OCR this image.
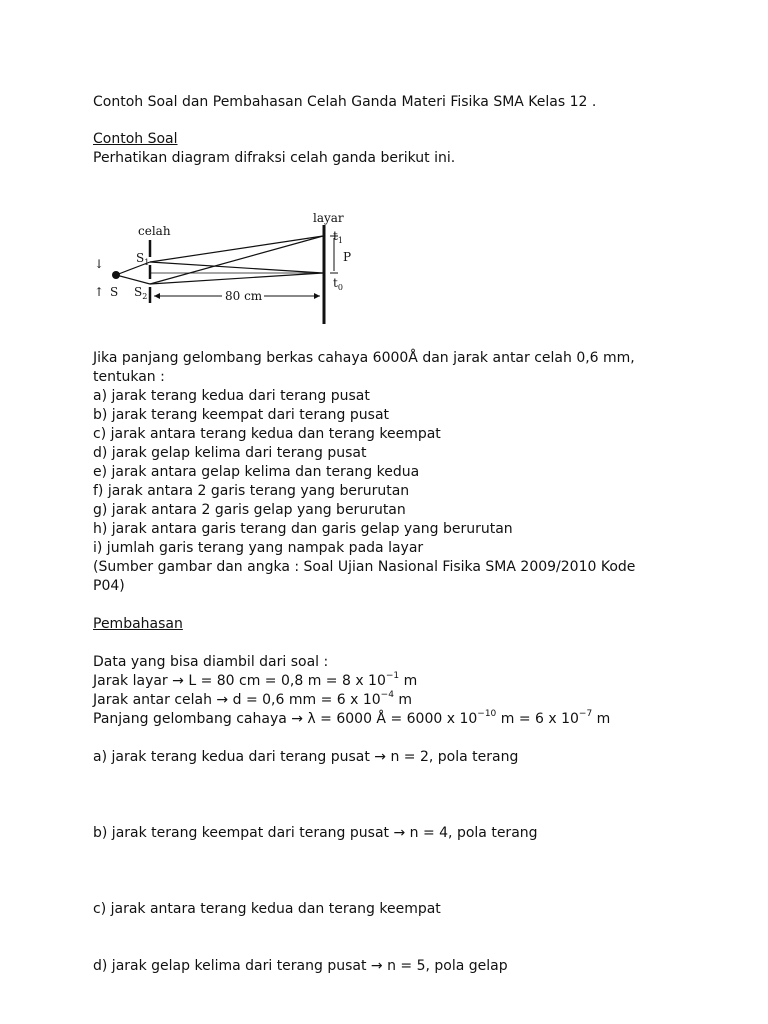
Contoh Soal dan Pembahasan Celah Ganda Materi Fisika SMA Kelas 12 .
Contoh Soal
Perhatikan diagram difraksi celah ganda berikut ini.
layar
celah	$t_1$
$t_0$
P
$S_1$
$S_2$
S	80 cm
↓
↑
Jika panjang gelombang berkas cahaya 6000Å dan jarak antar celah 0,6 mm,
tentukan :
a) jarak terang kedua dari terang pusat
b) jarak terang keempat dari terang pusat
c) jarak antara terang kedua dan terang keempat
d) jarak gelap kelima dari terang pusat
e) jarak antara gelap kelima dan terang kedua
f) jarak antara 2 garis terang yang berurutan
g) jarak antara 2 garis gelap yang berurutan
h) jarak antara garis terang dan garis gelap yang berurutan
i) jumlah garis terang yang nampak pada layar
(Sumber gambar dan angka : Soal Ujian Nasional Fisika SMA 2009/2010 Kode
P04)
Pembahasan
Data yang bisa diambil dari soal :
Jarak layar → L = 80 cm = 0,8 m = 8 x $10^{-1}$ m
Jarak antar celah → d = 0,6 mm = 6 x $10^{-4}$ m
Panjang gelombang cahaya → λ = 6000 Å = 6000 x $10^{-10}$ m = 6 x $10^{-7}$ m
a) jarak terang kedua dari terang pusat → n = 2, pola terang
b) jarak terang keempat dari terang pusat → n = 4, pola terang
c) jarak antara terang kedua dan terang keempat
d) jarak gelap kelima dari terang pusat → n = 5, pola gelap
